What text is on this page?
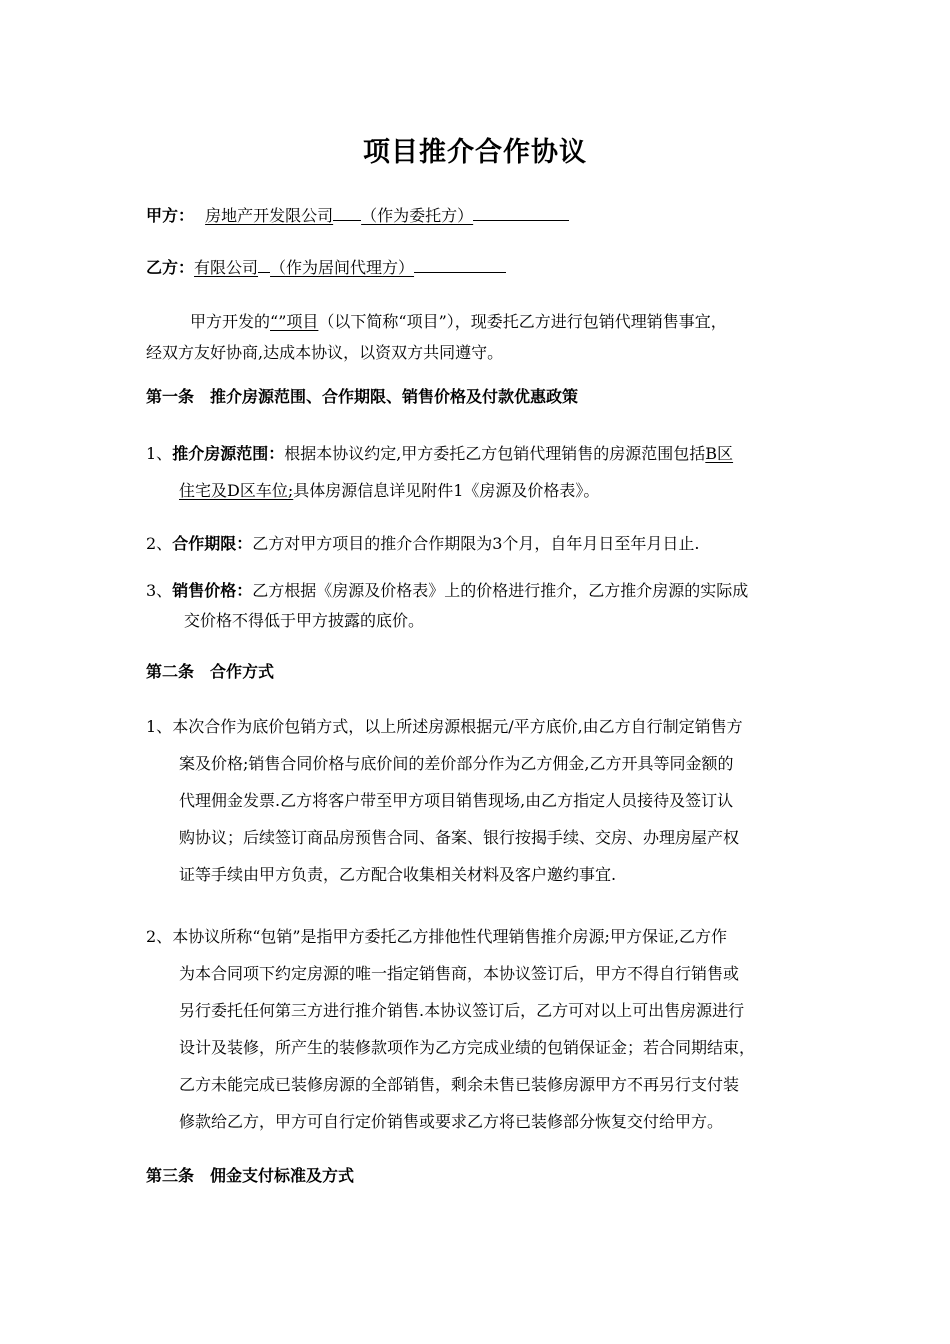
项目推介合作协议
甲方： 房地产开发限公司 （作为委托方）
乙方：有限公司 （作为居间代理方）
甲方开发的“”项目（以下简称“项目”），现委托乙方进行包销代理销售事宜，
经双方友好协商,达成本协议，以资双方共同遵守。
第一条　推介房源范围、合作期限、销售价格及付款优惠政策
1、推介房源范围：根据本协议约定,甲方委托乙方包销代理销售的房源范围包括B区
住宅及D区车位;具体房源信息详见附件1《房源及价格表》。
2、合作期限：乙方对甲方项目的推介合作期限为3个月，自年月日至年月日止.
3、销售价格：乙方根据《房源及价格表》上的价格进行推介，乙方推介房源的实际成
交价格不得低于甲方披露的底价。
第二条　合作方式
1、本次合作为底价包销方式，以上所述房源根据元/平方底价,由乙方自行制定销售方
案及价格;销售合同价格与底价间的差价部分作为乙方佣金,乙方开具等同金额的
代理佣金发票.乙方将客户带至甲方项目销售现场,由乙方指定人员接待及签订认
购协议；后续签订商品房预售合同、备案、银行按揭手续、交房、办理房屋产权
证等手续由甲方负责，乙方配合收集相关材料及客户邀约事宜.
2、本协议所称“包销”是指甲方委托乙方排他性代理销售推介房源;甲方保证,乙方作
为本合同项下约定房源的唯一指定销售商，本协议签订后，甲方不得自行销售或
另行委托任何第三方进行推介销售.本协议签订后，乙方可对以上可出售房源进行
设计及装修，所产生的装修款项作为乙方完成业绩的包销保证金；若合同期结束，
乙方未能完成已装修房源的全部销售，剩余未售已装修房源甲方不再另行支付装
修款给乙方，甲方可自行定价销售或要求乙方将已装修部分恢复交付给甲方。
第三条　佣金支付标准及方式
